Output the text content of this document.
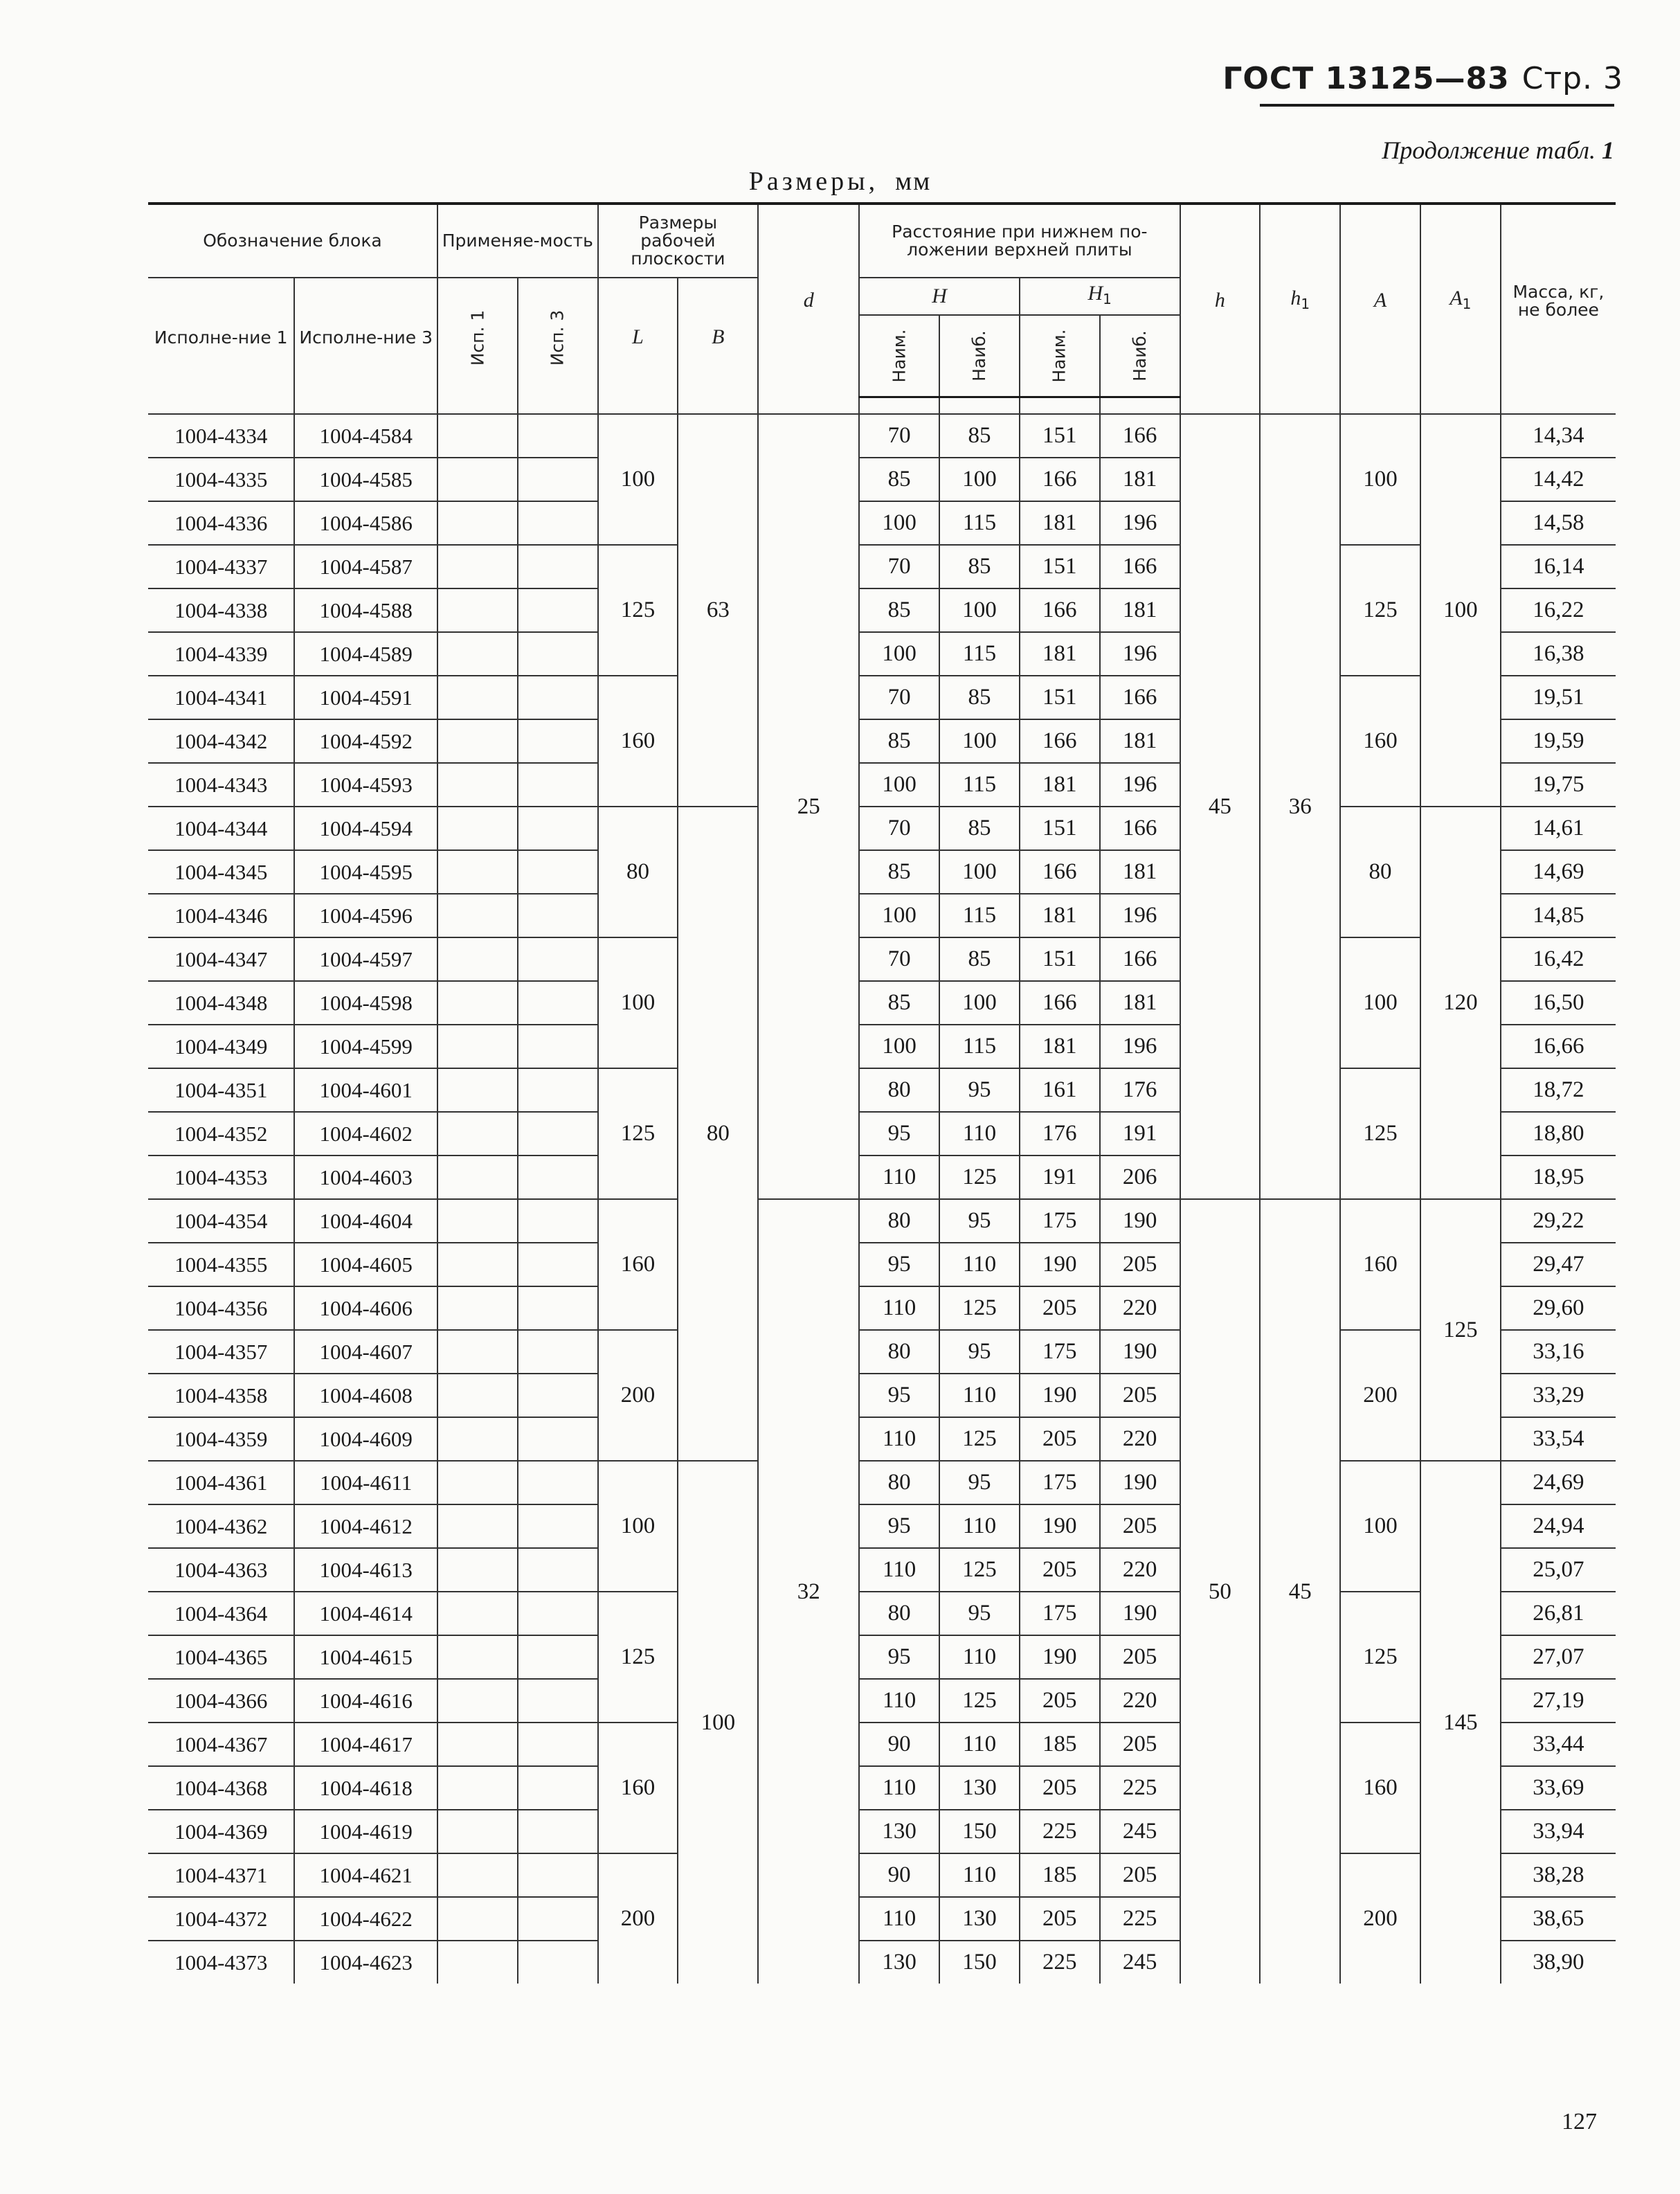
ГОСТ 13125—83 Стр. 3
Продолжение табл. 1
Размеры, мм
Обозначение блока		Применяе-мость		Размеры рабочей плоскости		d	Расстояние при нижнем по-ложении верхней плиты				h	$h_1$	A	$A_1$	Масса, кг, не более
Исполне-ние 1	Исполне-ние 3	Исп. 1	Исп. 3	L	B		H		$H_1$
							Наим.	Наиб.	Наим.	Наиб.					

1004-4334	1004-4584			100	63	25	70	85	151	166	45	36	100	100	14,34
1004-4335	1004-4585						85	100	166	181					14,42
1004-4336	1004-4586						100	115	181	196					14,58
1004-4337	1004-4587			125			70	85	151	166			125		16,14
1004-4338	1004-4588						85	100	166	181					16,22
1004-4339	1004-4589						100	115	181	196					16,38
1004-4341	1004-4591			160			70	85	151	166			160		19,51
1004-4342	1004-4592						85	100	166	181					19,59
1004-4343	1004-4593						100	115	181	196					19,75
1004-4344	1004-4594			80	80		70	85	151	166			80	120	14,61
1004-4345	1004-4595						85	100	166	181					14,69
1004-4346	1004-4596						100	115	181	196					14,85
1004-4347	1004-4597			100			70	85	151	166			100		16,42
1004-4348	1004-4598						85	100	166	181					16,50
1004-4349	1004-4599						100	115	181	196					16,66
1004-4351	1004-4601			125			80	95	161	176			125		18,72
1004-4352	1004-4602						95	110	176	191					18,80
1004-4353	1004-4603						110	125	191	206					18,95
1004-4354	1004-4604			160		32	80	95	175	190	50	45	160	125	29,22
1004-4355	1004-4605						95	110	190	205					29,47
1004-4356	1004-4606						110	125	205	220					29,60
1004-4357	1004-4607			200			80	95	175	190			200		33,16
1004-4358	1004-4608						95	110	190	205					33,29
1004-4359	1004-4609						110	125	205	220					33,54
1004-4361	1004-4611			100	100		80	95	175	190			100	145	24,69
1004-4362	1004-4612						95	110	190	205					24,94
1004-4363	1004-4613						110	125	205	220					25,07
1004-4364	1004-4614			125			80	95	175	190			125		26,81
1004-4365	1004-4615						95	110	190	205					27,07
1004-4366	1004-4616						110	125	205	220					27,19
1004-4367	1004-4617			160			90	110	185	205			160		33,44
1004-4368	1004-4618						110	130	205	225					33,69
1004-4369	1004-4619						130	150	225	245					33,94
1004-4371	1004-4621			200			90	110	185	205			200		38,28
1004-4372	1004-4622						110	130	205	225					38,65
1004-4373	1004-4623						130	150	225	245					38,90
127
